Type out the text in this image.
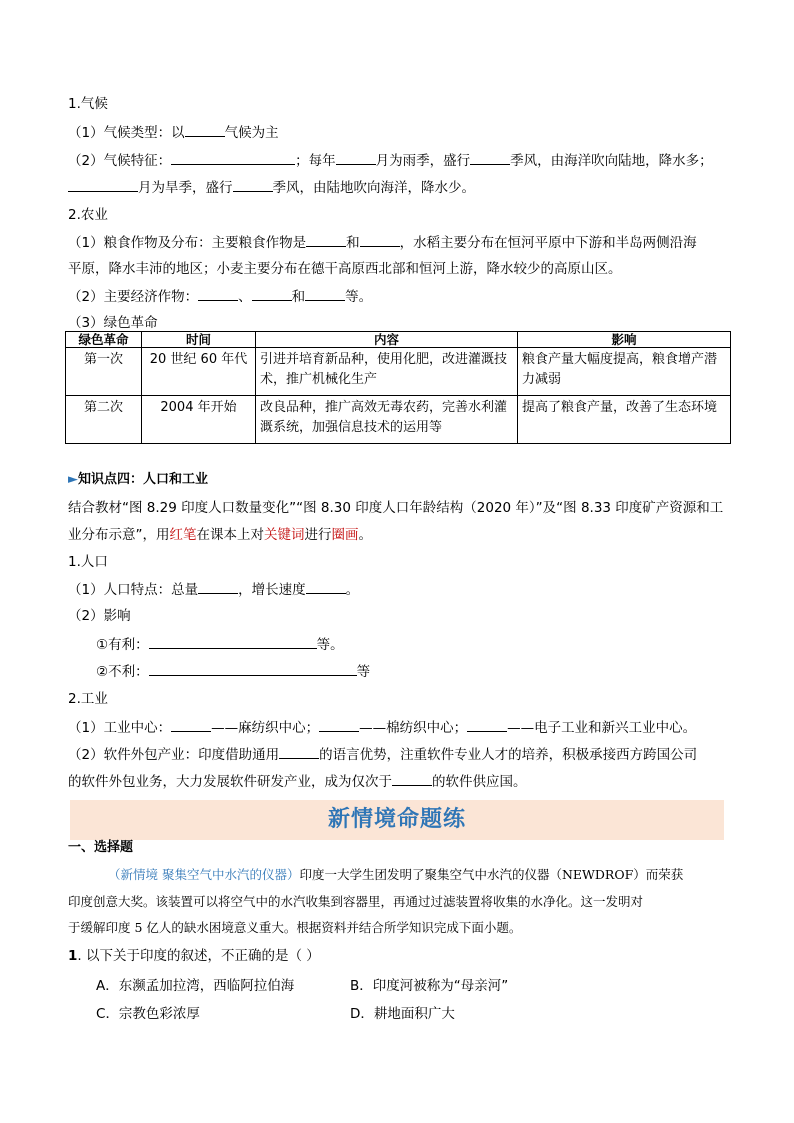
1.气候
（1）气候类型：以	气候为主
（2）气候特征：	；每年	月为雨季，盛行	季风，由海洋吹向陆地，降水多；
月为旱季，盛行	季风，由陆地吹向海洋，降水少。
2.农业
（1）粮食作物及分布：主要粮食作物是	和	，水稻主要分布在恒河平原中下游和半岛两侧沿海
平原，降水丰沛的地区；小麦主要分布在德干高原西北部和恒河上游，降水较少的高原山区。
（2）主要经济作物：	、	和	等。
（3）绿色革命
绿色革命	时间	内容	影响
第一次	20 世纪 60 年代	引进并培育新品种，使用化肥，改进灌溉技术，推广机械化生产	粮食产量大幅度提高，粮食增产潜力减弱
第二次	2004 年开始	改良品种，推广高效无毒农药，完善水利灌溉系统，加强信息技术的运用等	提高了粮食产量，改善了生态环境
►知识点四：人口和工业
结合教材“图 8.29 印度人口数量变化”“图 8.30 印度人口年龄结构（2020 年）”及“图 8.33 印度矿产资源和工
业分布示意”，用红笔在课本上对关键词进行圈画。
1.人口
（1）人口特点：总量	，增长速度	。
（2）影响
①有利：	等。
②不利：	等
2.工业
（1）工业中心：	——麻纺织中心；	——棉纺织中心；	——电子工业和新兴工业中心。
（2）软件外包产业：印度借助通用	的语言优势，注重软件专业人才的培养，积极承接西方跨国公司
的软件外包业务，大力发展软件研发产业，成为仅次于	的软件供应国。
新情境命题练
一、选择题
（新情境 聚集空气中水汽的仪器）印度一大学生团发明了聚集空气中水汽的仪器（NEWDROF）而荣获
印度创意大奖。该装置可以将空气中的水汽收集到容器里，再通过过滤装置将收集的水净化。这一发明对
于缓解印度 5 亿人的缺水困境意义重大。根据资料并结合所学知识完成下面小题。
1. 以下关于印度的叙述，不正确的是（ ）
A．东濒孟加拉湾，西临阿拉伯海	B．印度河被称为“母亲河”
C．宗教色彩浓厚	D．耕地面积广大
